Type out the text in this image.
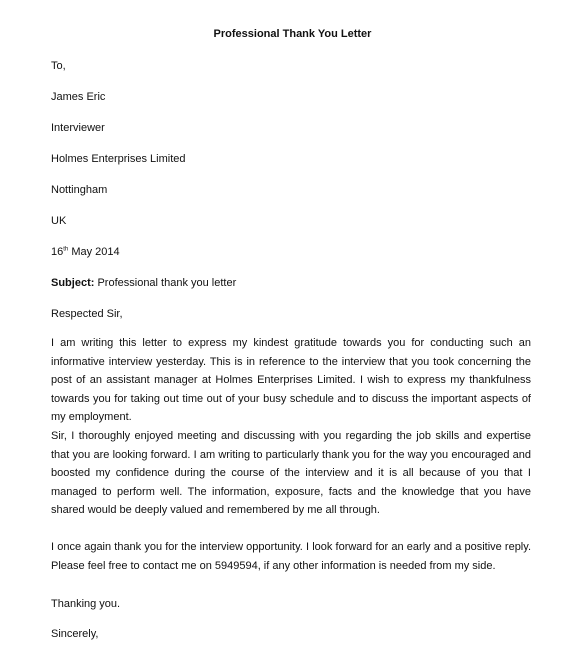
Professional Thank You Letter
To,
James Eric
Interviewer
Holmes Enterprises Limited
Nottingham
UK
16th May 2014
Subject: Professional thank you letter
Respected Sir,
I am writing this letter to express my kindest gratitude towards you for conducting such an informative interview yesterday. This is in reference to the interview that you took concerning the post of an assistant manager at Holmes Enterprises Limited. I wish to express my thankfulness towards you for taking out time out of your busy schedule and to discuss the important aspects of my employment.
Sir, I thoroughly enjoyed meeting and discussing with you regarding the job skills and expertise that you are looking forward. I am writing to particularly thank you for the way you encouraged and boosted my confidence during the course of the interview and it is all because of you that I managed to perform well. The information, exposure, facts and the knowledge that you have shared would be deeply valued and remembered by me all through.
I once again thank you for the interview opportunity. I look forward for an early and a positive reply. Please feel free to contact me on 5949594, if any other information is needed from my side.
Thanking you.
Sincerely,
